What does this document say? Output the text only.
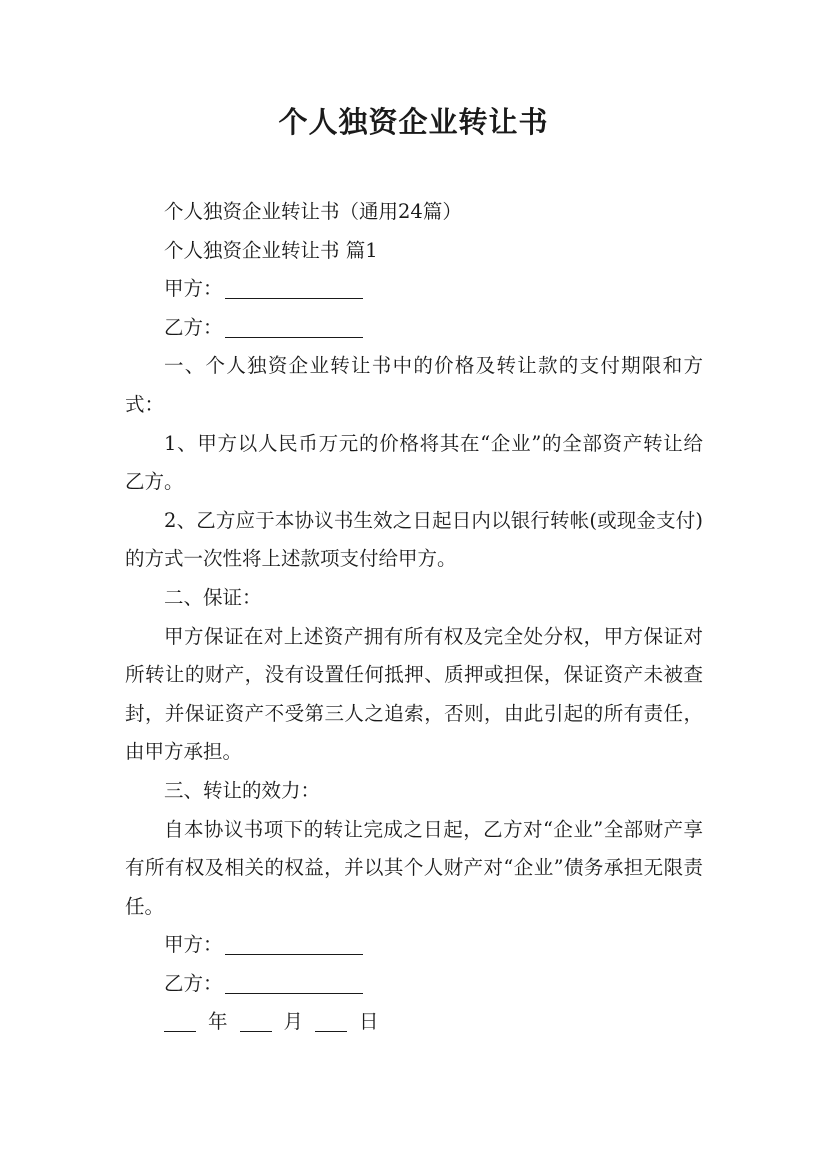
个人独资企业转让书

个人独资企业转让书（通用24篇）

个人独资企业转让书 篇1

甲方：

乙方：

一、个人独资企业转让书中的价格及转让款的支付期限和方式：

1、甲方以人民币万元的价格将其在“企业”的全部资产转让给乙方。

2、乙方应于本协议书生效之日起日内以银行转帐(或现金支付)的方式一次性将上述款项支付给甲方。

二、保证：

甲方保证在对上述资产拥有所有权及完全处分权，甲方保证对所转让的财产，没有设置任何抵押、质押或担保，保证资产未被查封，并保证资产不受第三人之追索，否则，由此引起的所有责任，由甲方承担。

三、转让的效力：

自本协议书项下的转让完成之日起，乙方对“企业”全部财产享有所有权及相关的权益，并以其个人财产对“企业”债务承担无限责任。

甲方：

乙方：

年	月	日
